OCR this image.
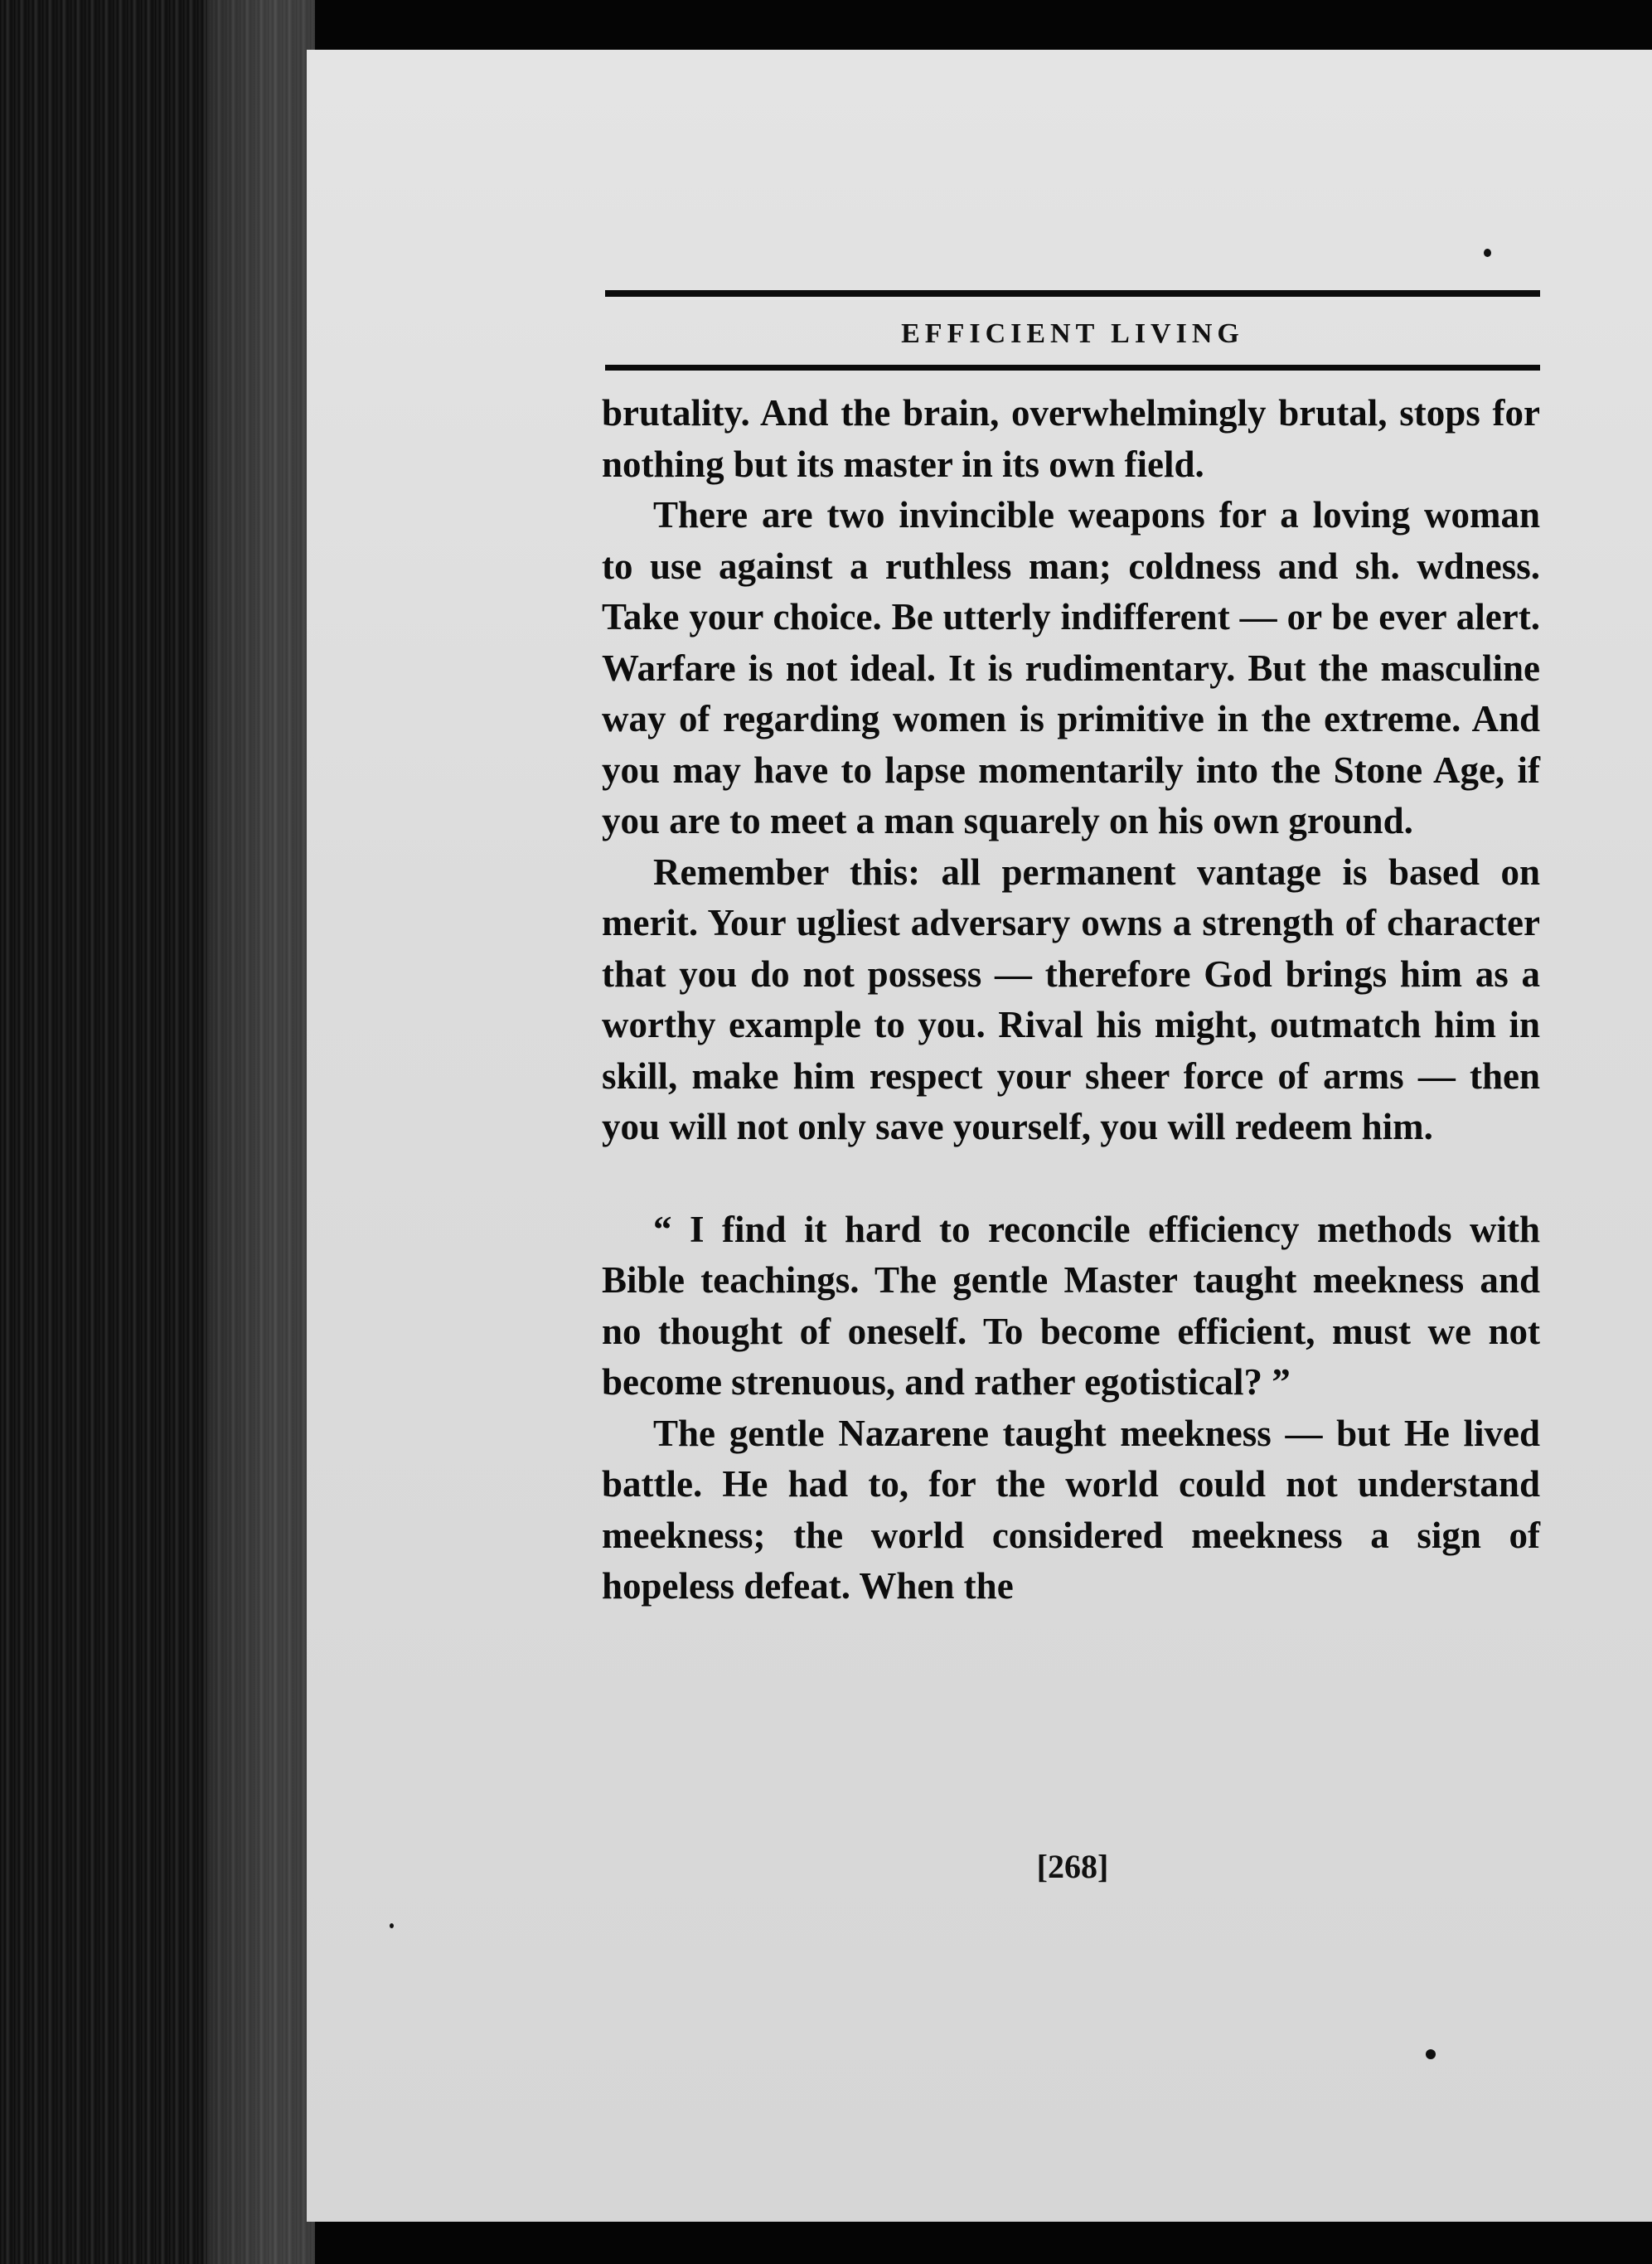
EFFICIENT LIVING

brutality. And the brain, overwhelmingly brutal, stops for nothing but its master in its own field.

There are two invincible weapons for a loving woman to use against a ruthless man; coldness and sh. wdness. Take your choice. Be utterly indifferent — or be ever alert. Warfare is not ideal. It is rudimentary. But the masculine way of regarding women is primitive in the extreme. And you may have to lapse momentarily into the Stone Age, if you are to meet a man squarely on his own ground.

Remember this: all permanent vantage is based on merit. Your ugliest adversary owns a strength of character that you do not possess — therefore God brings him as a worthy example to you. Rival his might, outmatch him in skill, make him respect your sheer force of arms — then you will not only save yourself, you will redeem him.

“ I find it hard to reconcile efficiency methods with Bible teachings. The gentle Master taught meekness and no thought of oneself. To become efficient, must we not become strenuous, and rather egotistical? ”

The gentle Nazarene taught meekness — but He lived battle. He had to, for the world could not understand meekness; the world considered meekness a sign of hopeless defeat. When the

[268]
